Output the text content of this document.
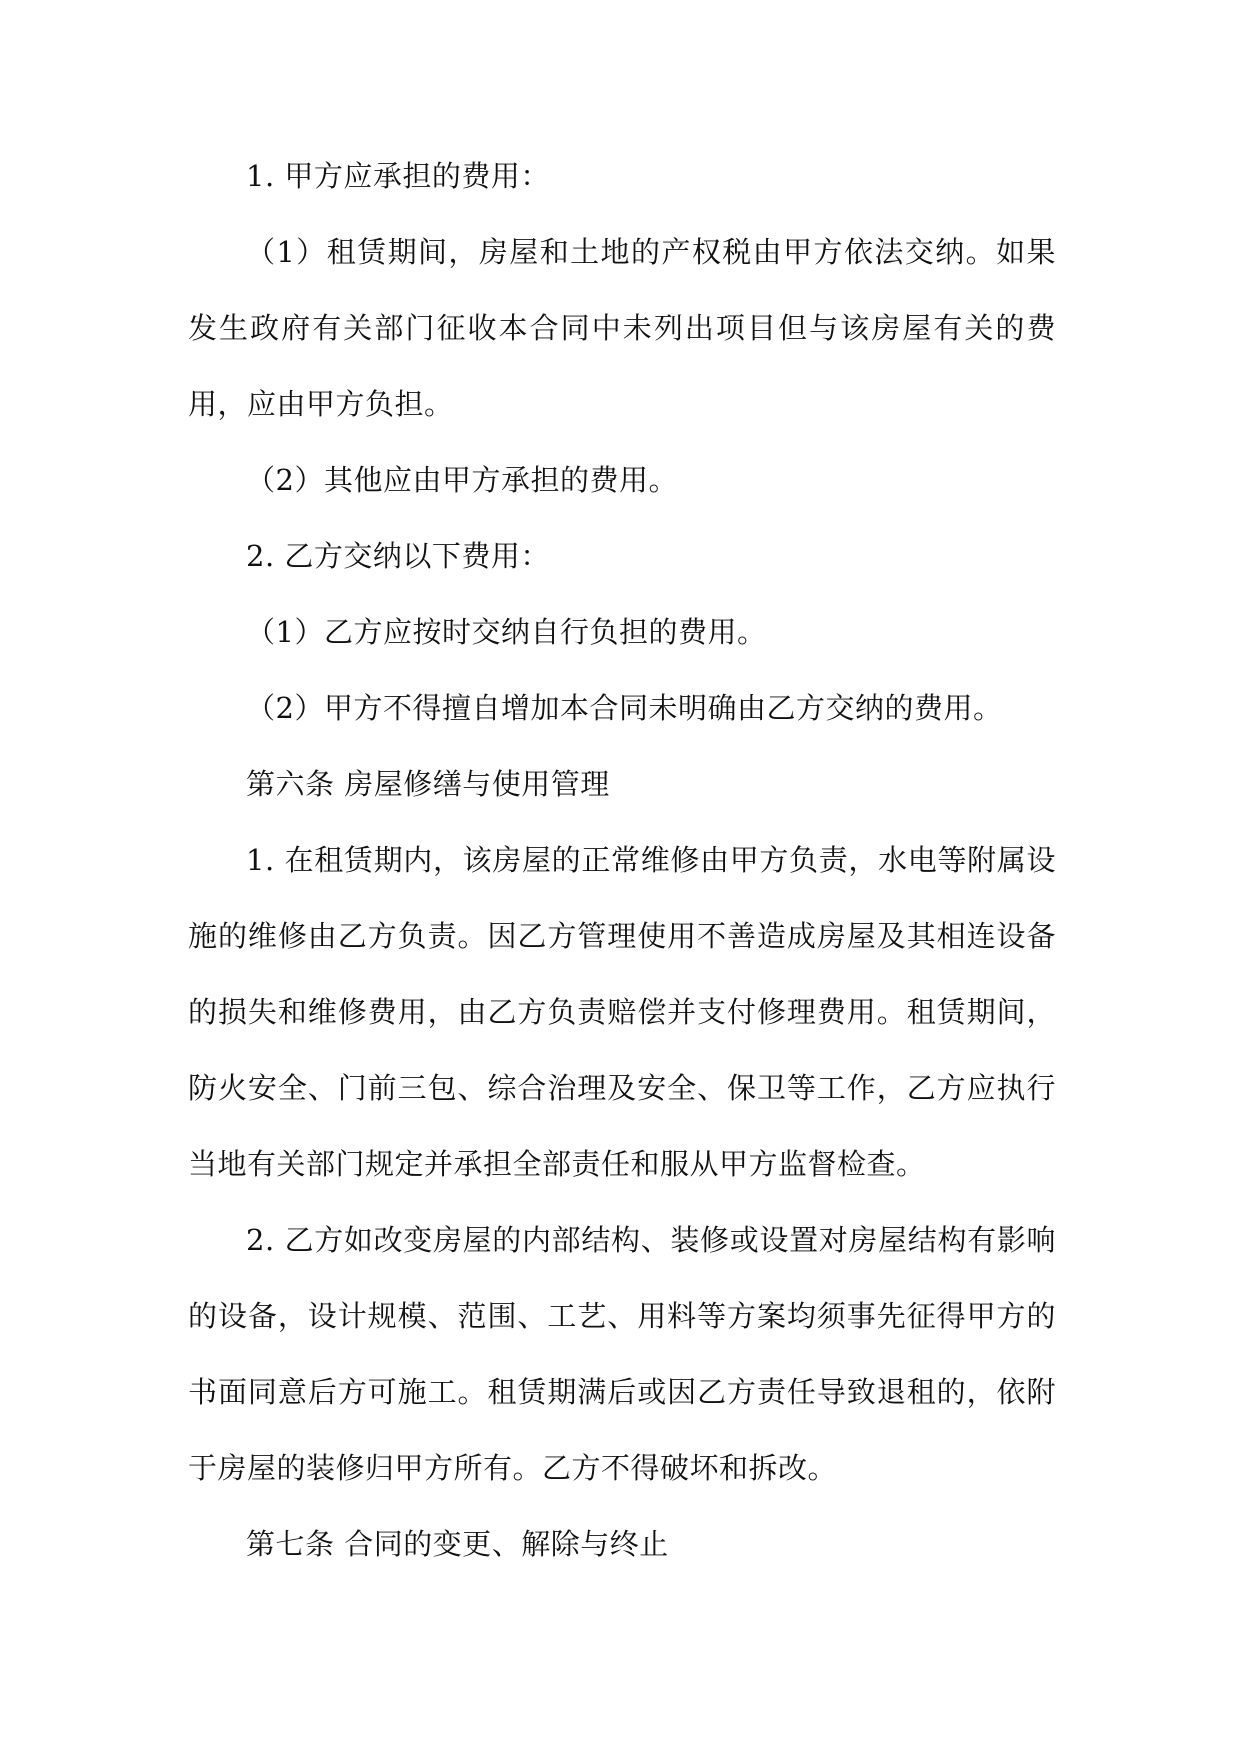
1. 甲方应承担的费用：

（1）租赁期间，房屋和土地的产权税由甲方依法交纳。如果发生政府有关部门征收本合同中未列出项目但与该房屋有关的费用，应由甲方负担。

（2）其他应由甲方承担的费用。

2. 乙方交纳以下费用：

（1）乙方应按时交纳自行负担的费用。

（2）甲方不得擅自增加本合同未明确由乙方交纳的费用。

第六条 房屋修缮与使用管理

1. 在租赁期内，该房屋的正常维修由甲方负责，水电等附属设施的维修由乙方负责。因乙方管理使用不善造成房屋及其相连设备的损失和维修费用，由乙方负责赔偿并支付修理费用。租赁期间，防火安全、门前三包、综合治理及安全、保卫等工作，乙方应执行当地有关部门规定并承担全部责任和服从甲方监督检查。

2. 乙方如改变房屋的内部结构、装修或设置对房屋结构有影响的设备，设计规模、范围、工艺、用料等方案均须事先征得甲方的书面同意后方可施工。租赁期满后或因乙方责任导致退租的，依附于房屋的装修归甲方所有。乙方不得破坏和拆改。

第七条 合同的变更、解除与终止
